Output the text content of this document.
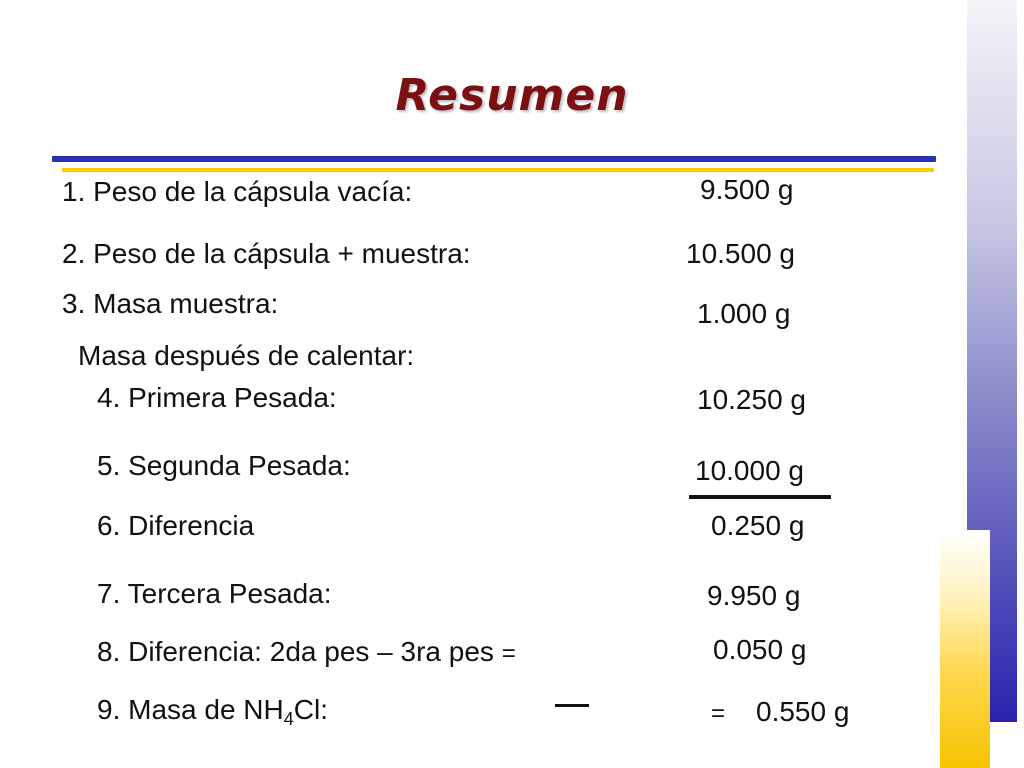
Resumen
1. Peso de la cápsula vacía:	9.500 g
2. Peso de la cápsula + muestra:	10.500 g
3. Masa muestra:	1.000 g
Masa después de calentar:
4. Primera Pesada:	10.250 g
5. Segunda Pesada:	10.000 g
6. Diferencia	0.250 g
7. Tercera Pesada:	9.950 g
8. Diferencia: 2da pes – 3ra pes =	0.050 g
9. Masa de $NH_4Cl$:	= 0.550 g
